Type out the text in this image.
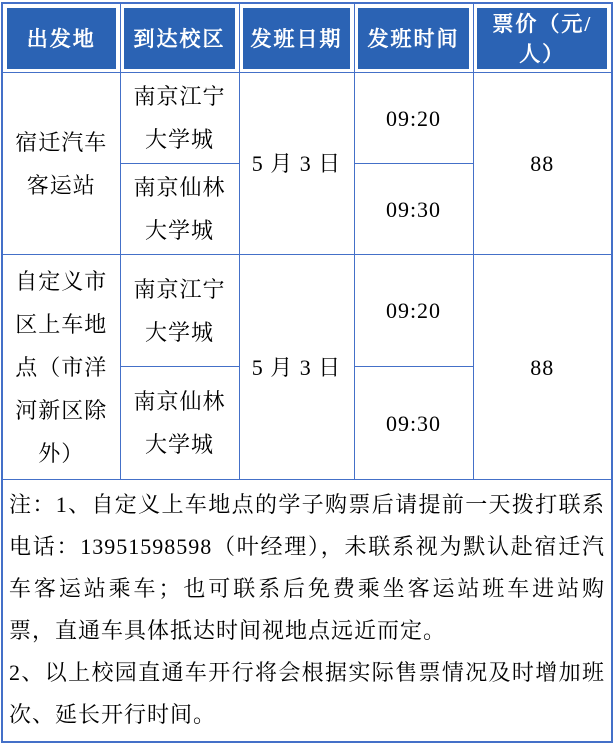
出发地	到达校区	发班日期	发班时间	票价（元/人）
宿迁汽车客运站	南京江宁大学城	5 月 3 日	09:20	88
	南京仙林大学城		09:30	
自定义市区上车地点（市洋河新区除外）	南京江宁大学城	5 月 3 日	09:20	88
	南京仙林大学城		09:30	

注：1、自定义上车地点的学子购票后请提前一天拨打联系电话：13951598598（叶经理），未联系视为默认赴宿迁汽车客运站乘车；也可联系后免费乘坐客运站班车进站购票，直通车具体抵达时间视地点远近而定。

2、以上校园直通车开行将会根据实际售票情况及时增加班次、延长开行时间。				
